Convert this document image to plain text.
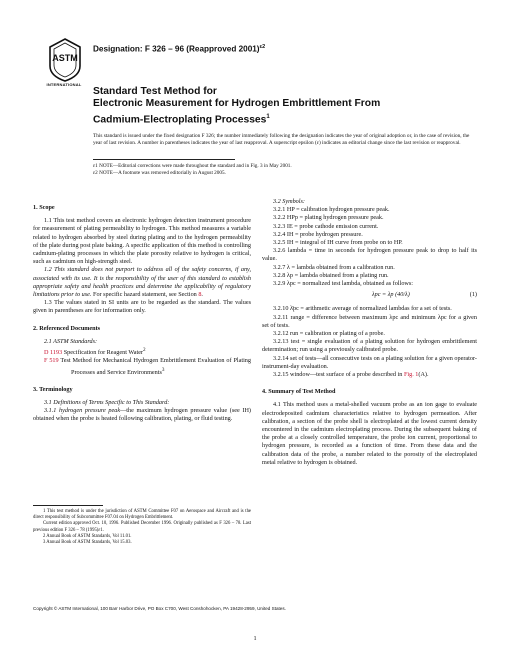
ASTM
INTERNATIONAL
Designation: F 326 – 96 (Reapproved 2001)$^{\varepsilon 2}$
Standard Test Method for
Electronic Measurement for Hydrogen Embrittlement From
Cadmium-Electroplating Processes$^1$
This standard is issued under the fixed designation F 326; the number immediately following the designation indicates the year of original adoption or, in the case of revision, the year of last revision. A number in parentheses indicates the year of last reapproval. A superscript epsilon (ε) indicates an editorial change since the last revision or reapproval.
ε1 NOTE—Editorial corrections were made throughout the standard and in Fig. 3 in May 2001.
ε2 NOTE—A footnote was removed editorially in August 2005.
1. Scope

1.1 This test method covers an electronic hydrogen detection instrument procedure for measurement of plating permeability to hydrogen. This method measures a variable related to hydrogen absorbed by steel during plating and to the hydrogen permeability of the plate during post plate baking. A specific application of this method is controlling cadmium-plating processes in which the plate porosity relative to hydrogen is critical, such as cadmium on high-strength steel.

1.2 This standard does not purport to address all of the safety concerns, if any, associated with its use. It is the responsibility of the user of this standard to establish appropriate safety and health practices and determine the applicability of regulatory limitations prior to use. For specific hazard statement, see Section 8.

1.3 The values stated in SI units are to be regarded as the standard. The values given in parentheses are for information only.

2. Referenced Documents

2.1 ASTM Standards:

D 1193 Specification for Reagent Water$^2$

F 519 Test Method for Mechanical Hydrogen Embrittlement Evaluation of Plating Processes and Service Environments$^3$

3. Terminology

3.1 Definitions of Terms Specific to This Standard:

3.1.1 hydrogen pressure peak—the maximum hydrogen pressure value (see IH) obtained when the probe is heated following calibration, plating, or fluid testing.

3.2 Symbols:

3.2.1 HP = calibration hydrogen pressure peak.

3.2.2 HPp = plating hydrogen pressure peak.

3.2.3 IE = probe cathode emission current.

3.2.4 IH = probe hydrogen pressure.

3.2.5 IH = integral of IH curve from probe on to HP.

3.2.6 lambda = time in seconds for hydrogen pressure peak to drop to half its value.

3.2.7 λ = lambda obtained from a calibration run.

3.2.8 λp = lambda obtained from a plating run.

3.2.9 λpc = normalized test lambda, obtained as follows:

λpc = λp (40/λ)	(1)

3.2.10 λ̄pc = arithmetic average of normalized lambdas for a set of tests.

3.2.11 range = difference between maximum λpc and minimum λpc for a given set of tests.

3.2.12 run = calibration or plating of a probe.

3.2.13 test = single evaluation of a plating solution for hydrogen embrittlement determination; run using a previously calibrated probe.

3.2.14 set of tests—all consecutive tests on a plating solution for a given operator-instrument-day evaluation.

3.2.15 window—test surface of a probe described in Fig. 1(A).

4. Summary of Test Method

4.1 This method uses a metal-shelled vacuum probe as an ion gage to evaluate electrodeposited cadmium characteristics relative to hydrogen permeation. After calibration, a section of the probe shell is electroplated at the lowest current density encountered in the cadmium electroplating process. During the subsequent baking of the probe at a closely controlled temperature, the probe ion current, proportional to hydrogen pressure, is recorded as a function of time. From these data and the calibration data of the probe, a number related to the porosity of the electroplated metal relative to hydrogen is obtained.

1 This test method is under the jurisdiction of ASTM Committee F07 on Aerospace and Aircraft and is the direct responsibility of Subcommittee F07.04 on Hydrogen Embrittlement.

Current edition approved Oct. 10, 1996. Published December 1996. Originally published as F 326 – 78. Last previous edition F 326 – 78 (1995)ε1.

2 Annual Book of ASTM Standards, Vol 11.01.

3 Annual Book of ASTM Standards, Vol 15.03.

Copyright © ASTM International, 100 Barr Harbor Drive, PO Box C700, West Conshohocken, PA 19428-2959, United States.
1
